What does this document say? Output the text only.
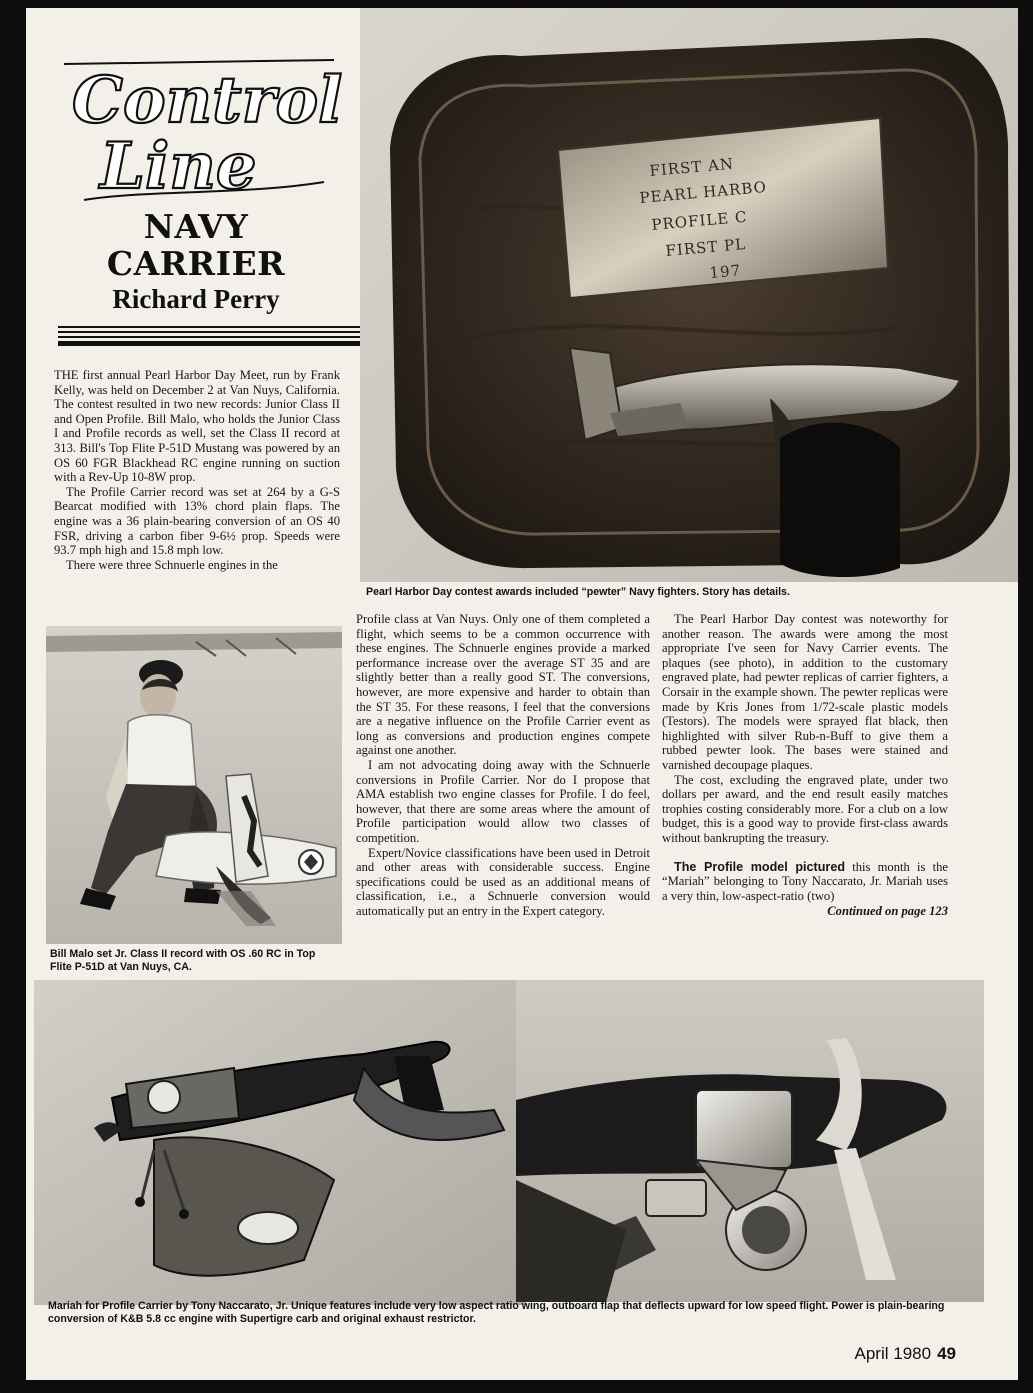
Control
Line
NAVY
CARRIER
Richard Perry

THE first annual Pearl Harbor Day Meet, run by Frank Kelly, was held on December 2 at Van Nuys, California. The contest resulted in two new records: Junior Class II and Open Profile. Bill Malo, who holds the Junior Class I and Profile records as well, set the Class II record at 313. Bill's Top Flite P-51D Mustang was powered by an OS 60 FGR Blackhead RC engine running on suction with a Rev-Up 10-8W prop.

The Profile Carrier record was set at 264 by a G-S Bearcat modified with 13% chord plain flaps. The engine was a 36 plain-bearing conversion of an OS 40 FSR, driving a carbon fiber 9-6½ prop. Speeds were 93.7 mph high and 15.8 mph low.

There were three Schnuerle engines in the

FIRST AN
PEARL HARBO
PROFILE C
FIRST PL
197
Pearl Harbor Day contest awards included “pewter” Navy fighters. Story has details.

Profile class at Van Nuys. Only one of them completed a flight, which seems to be a common occurrence with these engines. The Schnuerle engines provide a marked performance increase over the average ST 35 and are slightly better than a really good ST. The conversions, however, are more expensive and harder to obtain than the ST 35. For these reasons, I feel that the conversions are a negative influence on the Profile Carrier event as long as conversions and production engines compete against one another.

I am not advocating doing away with the Schnuerle conversions in Profile Carrier. Nor do I propose that AMA establish two engine classes for Profile. I do feel, however, that there are some areas where the amount of Profile participation would allow two classes of competition.

Expert/Novice classifications have been used in Detroit and other areas with considerable success. Engine specifications could be used as an additional means of classification, i.e., a Schnuerle conversion would automatically put an entry in the Expert category.

The Pearl Harbor Day contest was noteworthy for another reason. The awards were among the most appropriate I've seen for Navy Carrier events. The plaques (see photo), in addition to the customary engraved plate, had pewter replicas of carrier fighters, a Corsair in the example shown. The pewter replicas were made by Kris Jones from 1/72-scale plastic models (Testors). The models were sprayed flat black, then highlighted with silver Rub-n-Buff to give them a rubbed pewter look. The bases were stained and varnished decoupage plaques.

The cost, excluding the engraved plate, under two dollars per award, and the end result easily matches trophies costing considerably more. For a club on a low budget, this is a good way to provide first-class awards without bankrupting the treasury.

The Profile model pictured this month is the “Mariah” belonging to Tony Naccarato, Jr. Mariah uses a very thin, low-aspect-ratio (two)

Continued on page 123
Bill Malo set Jr. Class II record with OS .60 RC in Top Flite P-51D at Van Nuys, CA.
Mariah for Profile Carrier by Tony Naccarato, Jr. Unique features include very low aspect ratio wing, outboard flap that deflects upward for low speed flight. Power is plain-bearing conversion of K&B 5.8 cc engine with Supertigre carb and original exhaust restrictor.
April 1980 49
